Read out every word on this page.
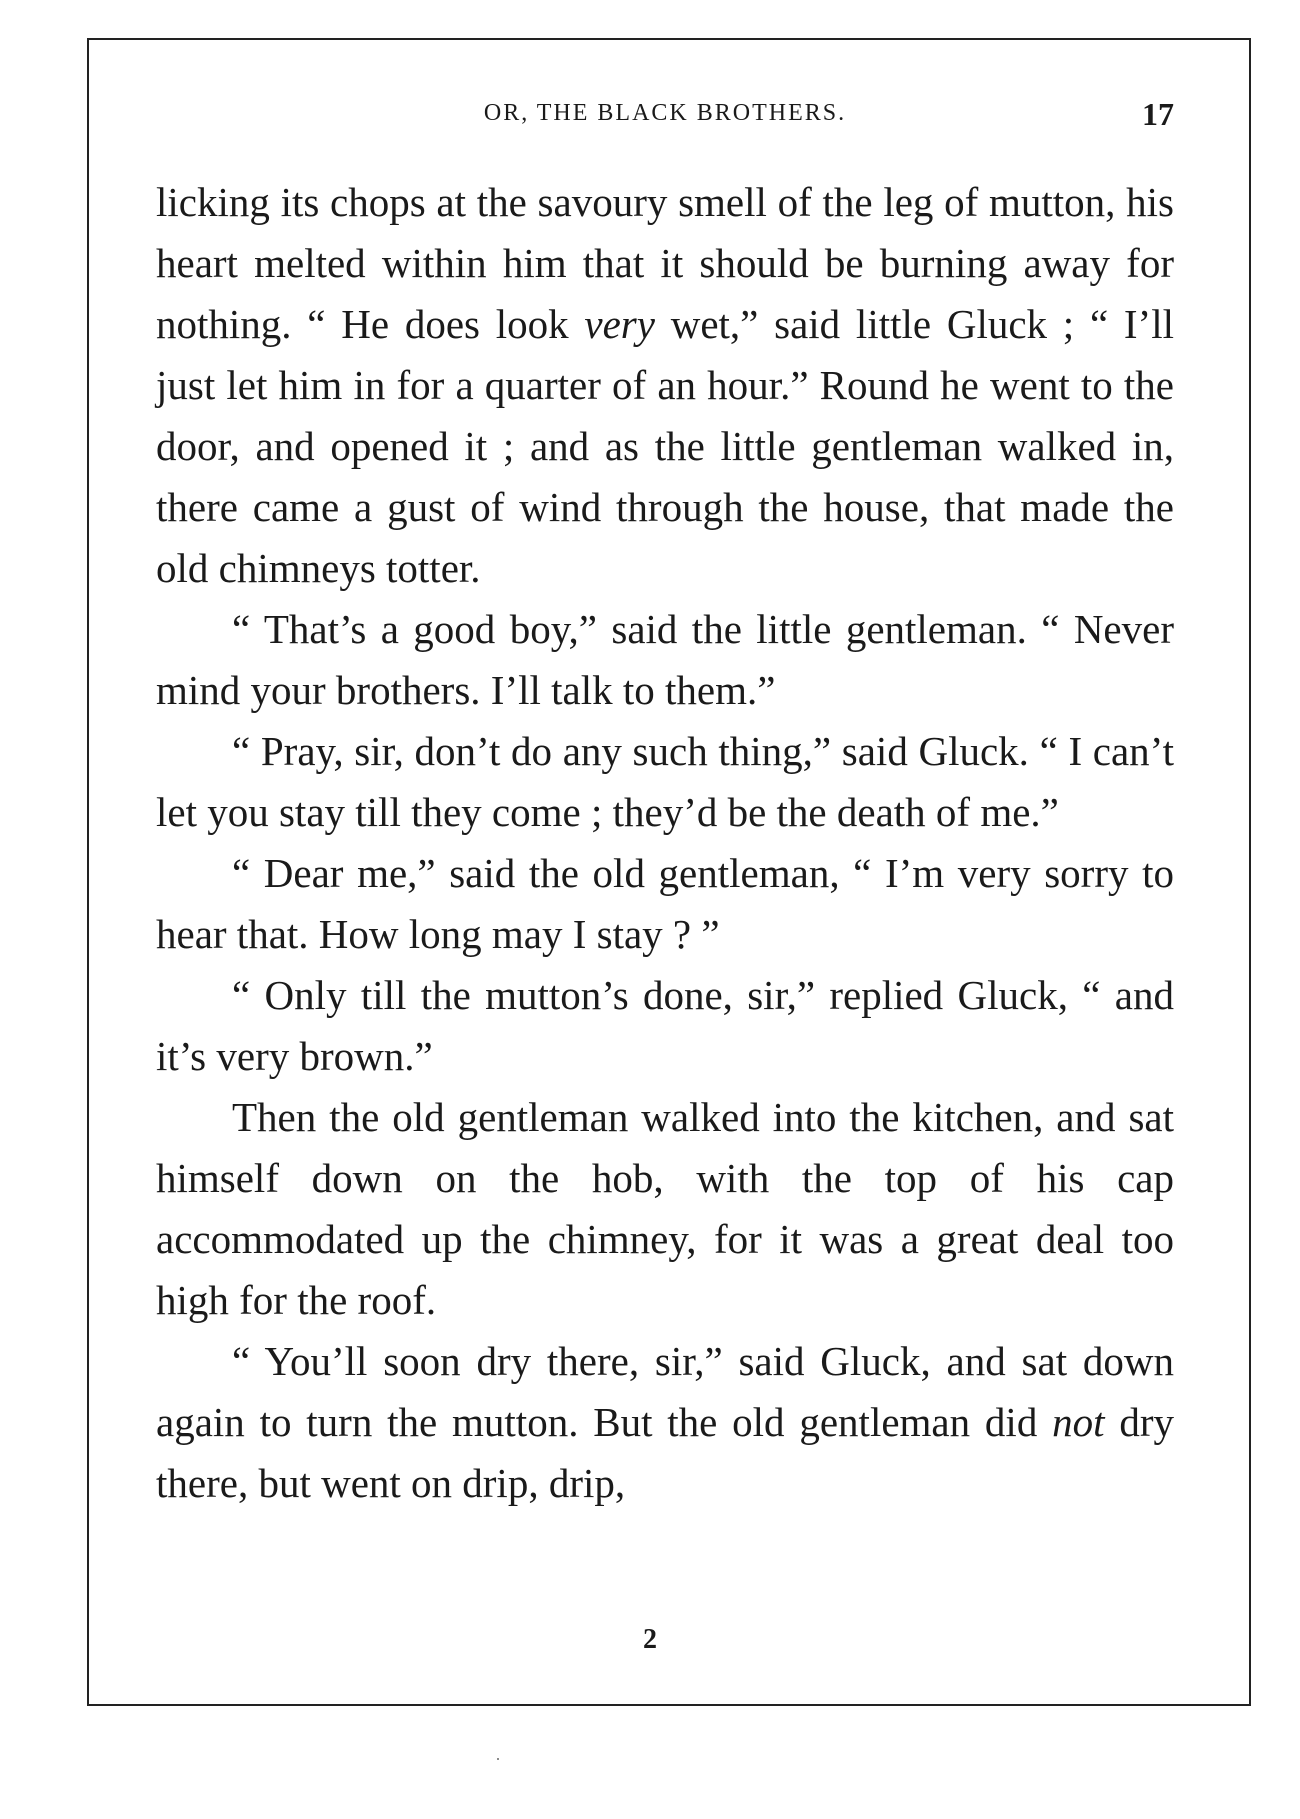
OR, THE BLACK BROTHERS.	17

licking its chops at the savoury smell of the leg of mutton, his heart melted within him that it should be burning away for nothing. “ He does look very wet,” said little Gluck ; “ I’ll just let him in for a quarter of an hour.” Round he went to the door, and opened it ; and as the little gentleman walked in, there came a gust of wind through the house, that made the old chimneys totter.

“ That’s a good boy,” said the little gentleman. “ Never mind your brothers. I’ll talk to them.”

“ Pray, sir, don’t do any such thing,” said Gluck. “ I can’t let you stay till they come ; they’d be the death of me.”

“ Dear me,” said the old gentleman, “ I’m very sorry to hear that. How long may I stay ? ”

“ Only till the mutton’s done, sir,” replied Gluck, “ and it’s very brown.”

Then the old gentleman walked into the kitchen, and sat himself down on the hob, with the top of his cap accommodated up the chimney, for it was a great deal too high for the roof.

“ You’ll soon dry there, sir,” said Gluck, and sat down again to turn the mutton. But the old gentleman did not dry there, but went on drip, drip,

2
